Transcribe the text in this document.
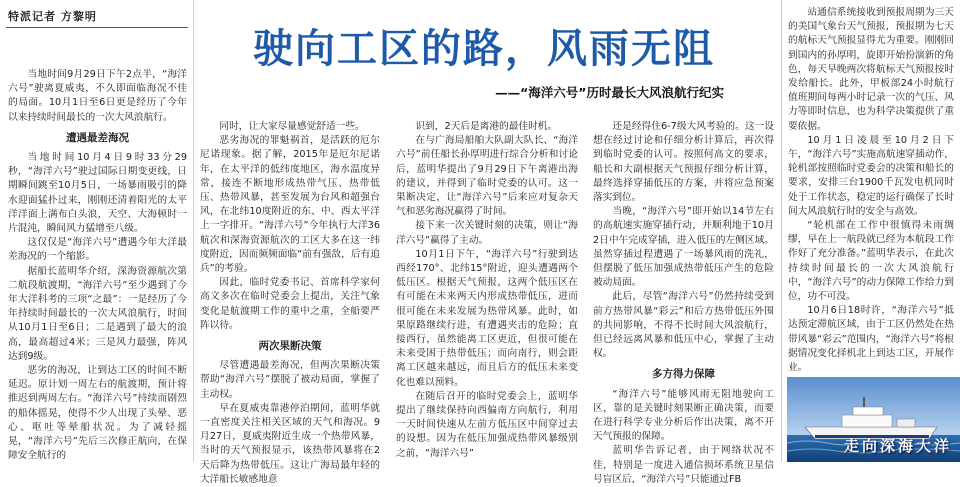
特派记者 方黎明
驶向工区的路，风雨无阻
——“海洋六号”历时最长大风浪航行纪实

当地时间9月29日下午2点半，“海洋六号”驶离夏威夷，不久即面临海况不佳的局面。10月1日至6日更是经历了今年以来持续时间最长的一次大风浪航行。

遭遇最差海况

当地时间10月4日9时33分29秒，“海洋六号”驶过国际日期变更线，日期瞬间跳至10月5日，一场暴雨吸引的降水迎面猛扑过来，刚刚还清着阳光的太平洋洋面上满布白头浪，天空、大海顿时一片混沌，瞬间风力猛增至八级。

这仅仅是“海洋六号”遭遇今年大洋最差海况的一个缩影。

据船长蓝明华介绍，深海资源航次第二航段航渡期，“海洋六号”至少遇到了今年大洋科考的三项“之最”：一是经历了今年持续时间最长的一次大风浪航行，时间从10月1日至6日；二是遇到了最大的浪高，最高超过4米；三是风力最强，阵风达到9级。

恶劣的海况，让到达工区的时间不断延迟。原计划一周左右的航渡期，预计将推迟到两周左右。“海洋六号”持续而剧烈的船体摇晃，使得不少人出现了头晕、恶心、呕吐等晕船状况。为了减轻摇晃，“海洋六号”先后三次修正航向，在保障安全航行的

同时，让大家尽量感觉舒适一些。

恶劣海况的罪魁祸首，是活跃的厄尔尼诺现象。据了解，2015年是厄尔尼诺年，在太平洋的低纬度地区，海水温度异常，接连不断地形成热带气压、热带低压、热带风暴，甚至发展为台风和超强台风，在北纬10度附近的东、中、西太平洋上一字排开。“海洋六号”今年执行大洋36航次和深海资源航次的工区大多在这一纬度附近，因而频频面临“前有强敌，后有追兵”的考验。

因此，临时党委书记、首席科学家何高文多次在临时党委会上提出，关注气象变化是航渡期工作的重中之重，全船要严阵以待。

两次果断决策

尽管遭遇最差海况，但两次果断决策帮助“海洋六号”摆脱了被动局面，掌握了主动权。

早在夏威夷靠港停泊期间，蓝明华就一直密度关注相关区域的天气和海况。9月27日，夏威夷附近生成一个热带风暴，当时的天气预报显示，该热带风暴将在2天后降为热带低压。这让广海局最年轻的大洋船长敏感地意

识到，2天后是离港的最佳时机。

在与广海局船舶大队副大队长、“海洋六号”前任船长孙厚明进行综合分析和讨论后，蓝明华提出了9月29日下午离港出海的建议，并得到了临时党委的认可。这一果断决定，让“海洋六号”后来应对复杂天气和恶劣海况赢得了时间。

接下来一次关键时刻的决策，则让“海洋六号”赢得了主动。

10月1日下午，“海洋六号”行驶到达西经170°、北纬15°附近，迎头遭遇两个低压区。根据天气预报，这两个低压区在有可能在未来两天内形成热带低压，进而很可能在未来发展为热带风暴。此时，如果原路继续行进，有遭遇夹击的危险；直接西行，虽然能离工区更近，但很可能在未来受困于热带低压；而向南行，则会距离工区越来越远，而且后方的低压未来变化也难以预料。

在随后召开的临时党委会上，蓝明华提出了继续保持向西偏南方向航行，利用一天时间快速从左前方低压区中间穿过去的设想。因为在低压加强成热带风暴级别之前，“海洋六号”

还是经得住6-7级大风考验的。这一设想在经过讨论和仔细分析计算后，再次得到临时党委的认可。按照何高文的要求，船长和大副根据天气预报仔细分析计算，最终选择穿插低压的方案，并将应急预案落实到位。

当晚，“海洋六号”即开始以14节左右的高航速实施穿插行动，并顺利地于10月2日中午完成穿插，进入低压的左侧区域。虽然穿插过程遭遇了一场暴风雨的洗礼，但摆脱了低压加强成热带低压产生的危险被动局面。

此后，尽管“海洋六号”仍然持续受到前方热带风暴“彩云”和后方热带低压外围的共同影响，不得不长时间大风浪航行，但已经远离风暴和低压中心，掌握了主动权。

多方得力保障

“海洋六号”能够风雨无阻地驶向工区，靠的是关键时刻果断正确决策，而要在进行科学专业分析后作出决策，离不开天气预报的保障。

蓝明华告诉记者，由于网络状况不佳，特别是一度进入通信损坏系统卫星信号盲区后，“海洋六号”只能通过FB

站通信系统接收到预报周期为三天的美国气象台天气预报，预报期为七天的航标天气预报显得尤为重要。刚刚回到国内的孙厚明，旋即开始扮演新的角色，每天早晚两次将航标天气预报按时发给船长。此外，甲板部24小时航行值班期间每两小时记录一次的气压、风力等即时信息，也为科学决策提供了重要依据。

10月1日凌晨至10月2日下午，“海洋六号”实施高航速穿插动作，轮机部按照临时党委会的决策和船长的要求，安排三台1900千瓦发电机同时处于工作状态，稳定的运行确保了长时间大风浪航行时的安全与高效。

“轮机部在工作中很慎得未雨绸缪，早在上一航段就已经为本航段工作作好了充分准备。”蓝明华表示，在此次持续时间最长的一次大风浪航行中，“海洋六号”的动力保障工作给力到位，功不可没。

10月6日18时许，“海洋六号”抵达预定滞航区域，由于工区仍然处在热带风暴“彩云”范围内，“海洋六号”将根据情况变化择机北上到达工区，开展作业。

走向深海大洋
